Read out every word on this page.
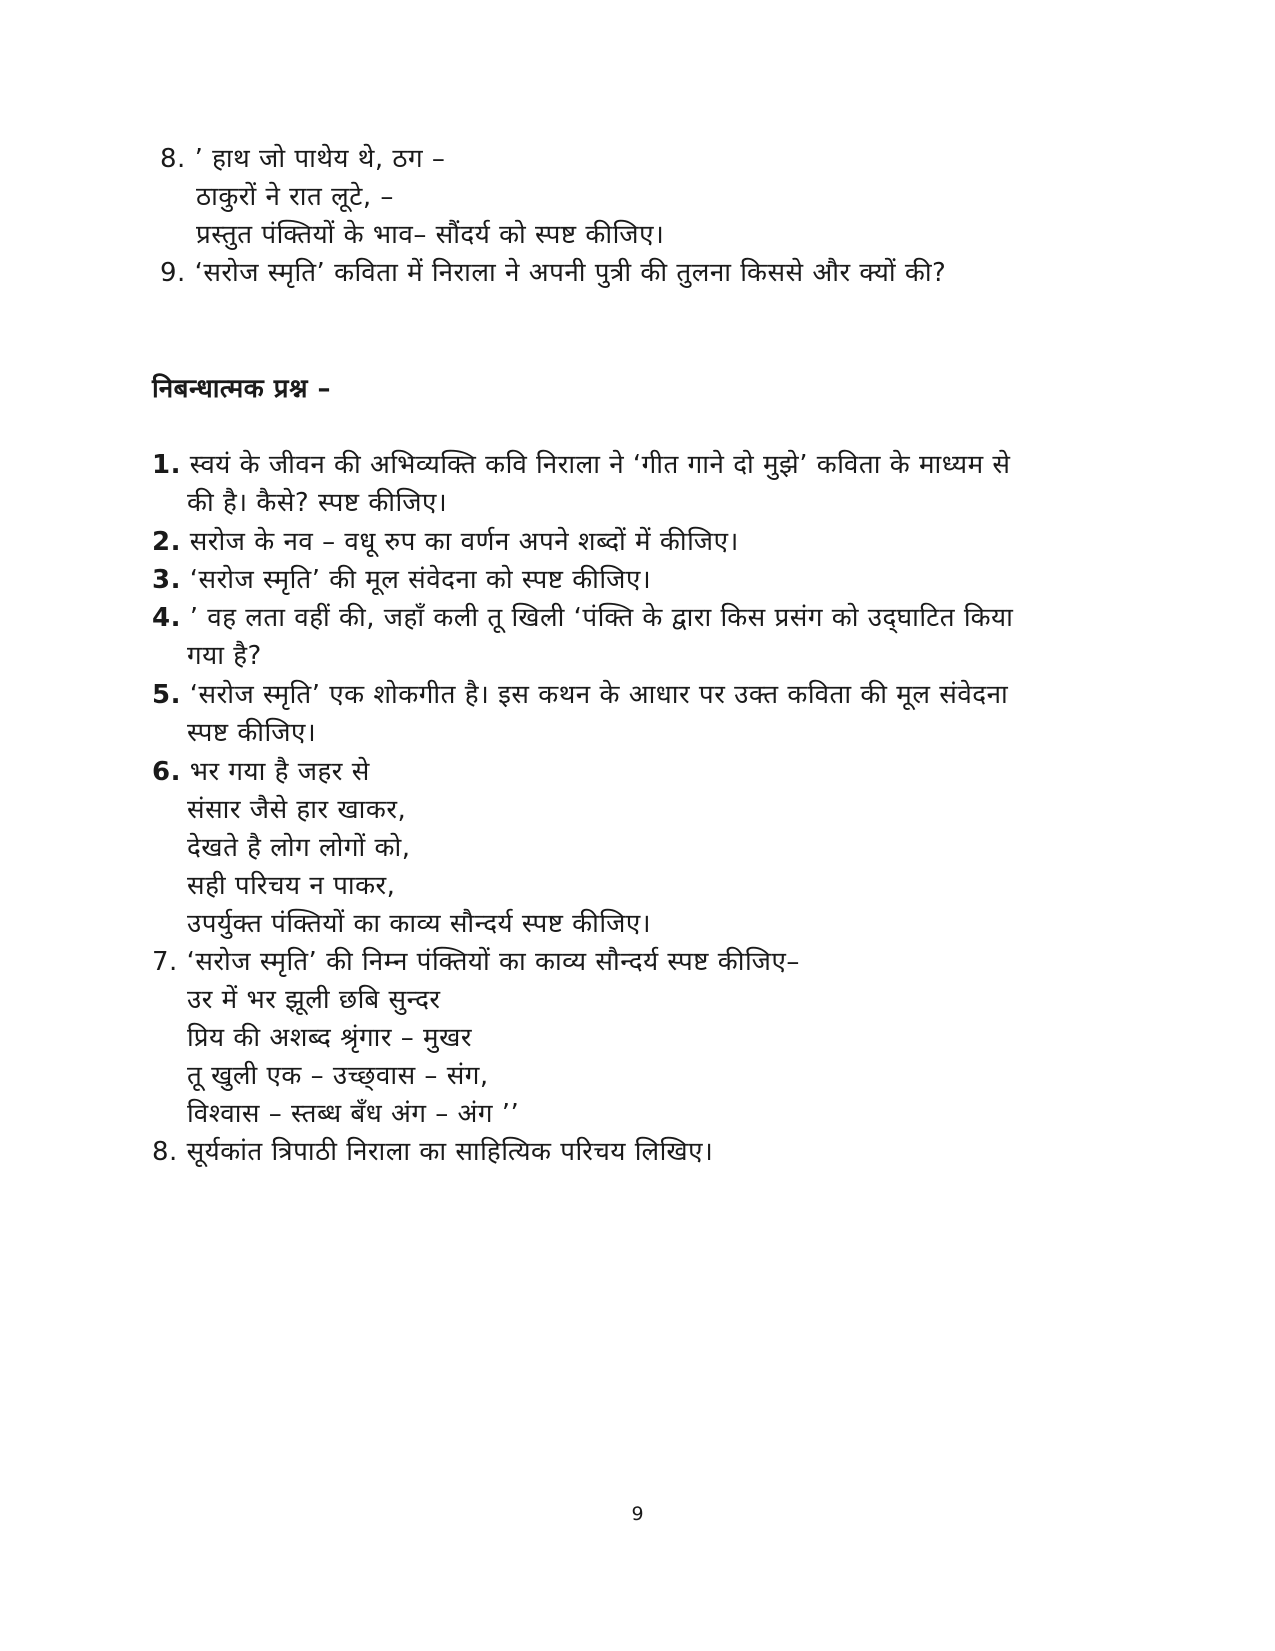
8. ’ हाथ जो पाथेय थे, ठग –
ठाकुरों ने रात लूटे, –
प्रस्तुत पंक्तियों के भाव– सौंदर्य को स्पष्ट कीजिए।
9. ‘सरोज स्मृति’ कविता में निराला ने अपनी पुत्री की तुलना किससे और क्यों की?
निबन्धात्मक प्रश्न –
1. स्वयं के जीवन की अभिव्यक्ति कवि निराला ने ‘गीत गाने दो मुझे’ कविता के माध्यम से
की है। कैसे? स्पष्ट कीजिए।
2. सरोज के नव – वधू रुप का वर्णन अपने शब्दों में कीजिए।
3. ‘सरोज स्मृति’ की मूल संवेदना को स्पष्ट कीजिए।
4. ’ वह लता वहीं की, जहाँ कली तू खिली ‘पंक्ति के द्वारा किस प्रसंग को उद्‌घाटित किया
गया है?
5. ‘सरोज स्मृति’ एक शोकगीत है। इस कथन के आधार पर उक्त कविता की मूल संवेदना
स्पष्ट कीजिए।
6. भर गया है जहर से
संसार जैसे हार खाकर,
देखते है लोग लोगों को,
सही परिचय न पाकर,
उपर्युक्त पंक्तियों का काव्य सौन्दर्य स्पष्ट कीजिए।
7. ‘सरोज स्मृति’ की निम्न पंक्तियों का काव्य सौन्दर्य स्पष्ट कीजिए–
उर में भर झूली छबि सुन्दर
प्रिय की अशब्द श्रृंगार – मुखर
तू खुली एक – उच्छ्‌वास – संग,
विश्वास – स्तब्ध बँध अंग – अंग ’’
8. सूर्यकांत त्रिपाठी निराला का साहित्यिक परिचय लिखिए।
9
